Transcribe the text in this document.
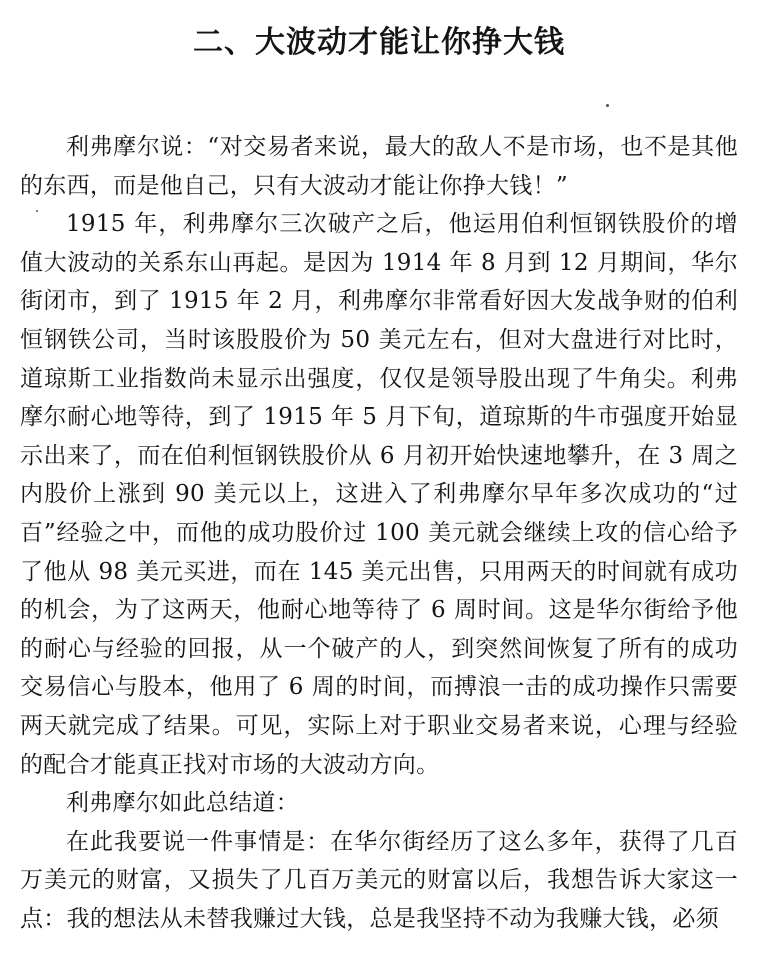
二、大波动才能让你挣大钱

利弗摩尔说：“对交易者来说，最大的敌人不是市场，也不是其他的东西，而是他自己，只有大波动才能让你挣大钱！”

1915 年，利弗摩尔三次破产之后，他运用伯利恒钢铁股价的增值大波动的关系东山再起。是因为 1914 年 8 月到 12 月期间，华尔街闭市，到了 1915 年 2 月，利弗摩尔非常看好因大发战争财的伯利恒钢铁公司，当时该股股价为 50 美元左右，但对大盘进行对比时，道琼斯工业指数尚未显示出强度，仅仅是领导股出现了牛角尖。利弗摩尔耐心地等待，到了 1915 年 5 月下旬，道琼斯的牛市强度开始显示出来了，而在伯利恒钢铁股价从 6 月初开始快速地攀升，在 3 周之内股价上涨到 90 美元以上，这进入了利弗摩尔早年多次成功的“过百”经验之中，而他的成功股价过 100 美元就会继续上攻的信心给予了他从 98 美元买进，而在 145 美元出售，只用两天的时间就有成功的机会，为了这两天，他耐心地等待了 6 周时间。这是华尔街给予他的耐心与经验的回报，从一个破产的人，到突然间恢复了所有的成功交易信心与股本，他用了 6 周的时间，而搏浪一击的成功操作只需要两天就完成了结果。可见，实际上对于职业交易者来说，心理与经验的配合才能真正找对市场的大波动方向。

利弗摩尔如此总结道：

在此我要说一件事情是：在华尔街经历了这么多年，获得了几百万美元的财富，又损失了几百万美元的财富以后，我想告诉大家这一点：我的想法从未替我赚过大钱，总是我坚持不动为我赚大钱，必须
